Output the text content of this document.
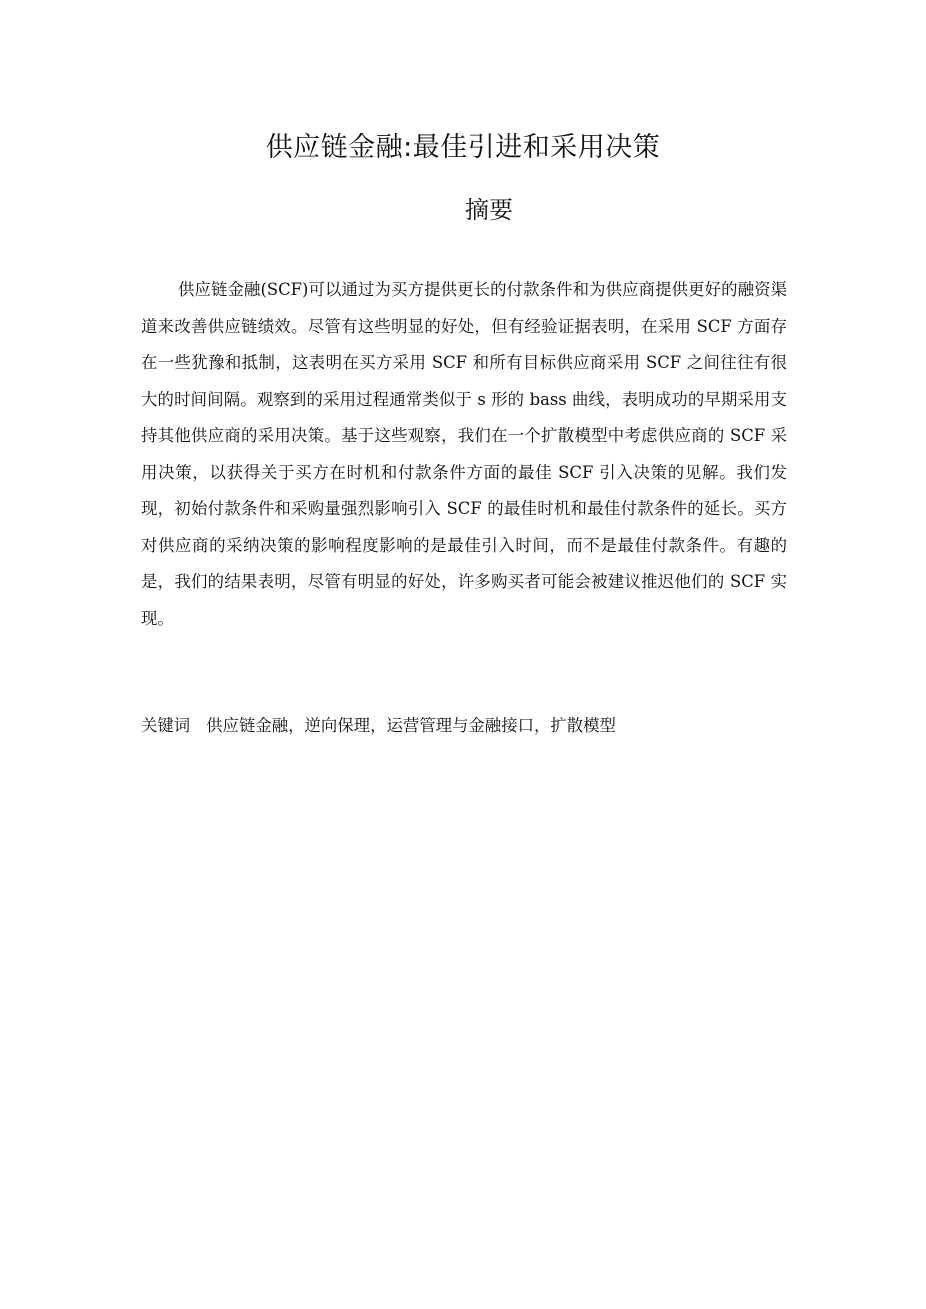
供应链金融:最佳引进和采用决策
摘要

供应链金融(SCF)可以通过为买方提供更长的付款条件和为供应商提供更好的融资渠道来改善供应链绩效。尽管有这些明显的好处，但有经验证据表明，在采用 SCF 方面存在一些犹豫和抵制，这表明在买方采用 SCF 和所有目标供应商采用 SCF 之间往往有很大的时间间隔。观察到的采用过程通常类似于 s 形的 bass 曲线，表明成功的早期采用支持其他供应商的采用决策。基于这些观察，我们在一个扩散模型中考虑供应商的 SCF 采用决策，以获得关于买方在时机和付款条件方面的最佳 SCF 引入决策的见解。我们发现，初始付款条件和采购量强烈影响引入 SCF 的最佳时机和最佳付款条件的延长。买方对供应商的采纳决策的影响程度影响的是最佳引入时间，而不是最佳付款条件。有趣的是，我们的结果表明，尽管有明显的好处，许多购买者可能会被建议推迟他们的 SCF 实现。

关键词 供应链金融，逆向保理，运营管理与金融接口，扩散模型
